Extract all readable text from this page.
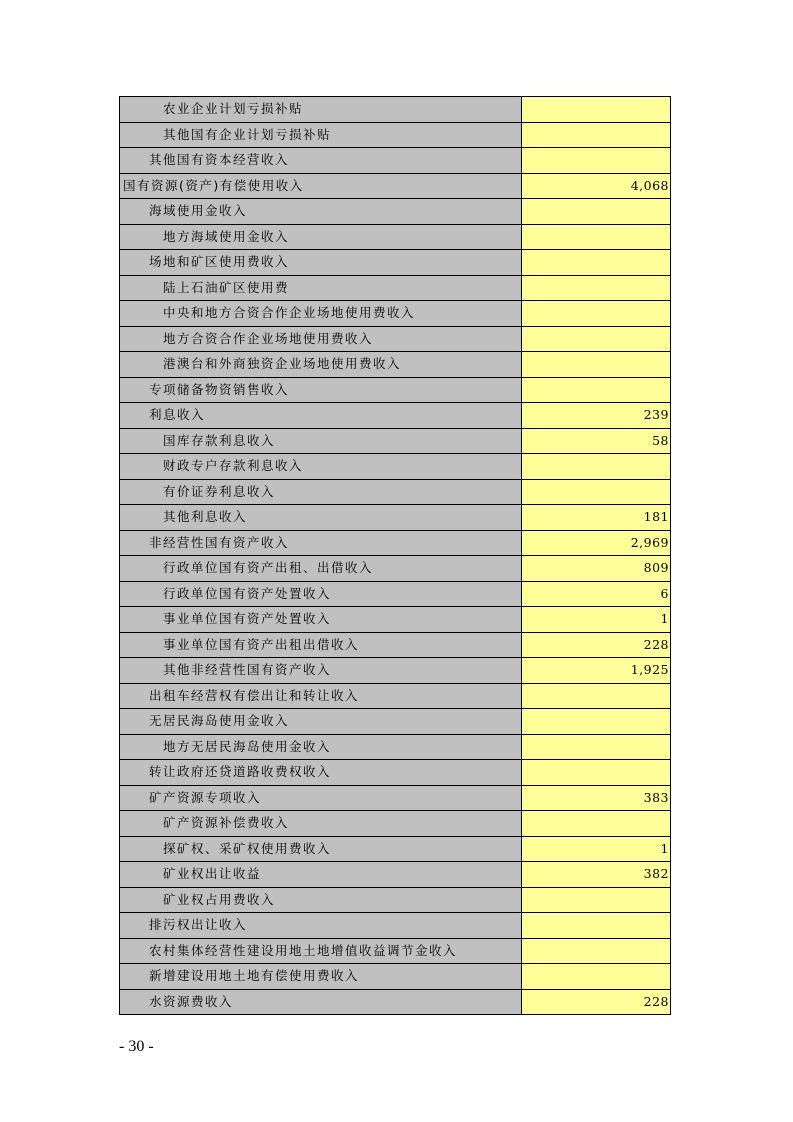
农业企业计划亏损补贴	
其他国有企业计划亏损补贴	
其他国有资本经营收入	
国有资源(资产)有偿使用收入	4,068
海域使用金收入	
地方海域使用金收入	
场地和矿区使用费收入	
陆上石油矿区使用费	
中央和地方合资合作企业场地使用费收入	
地方合资合作企业场地使用费收入	
港澳台和外商独资企业场地使用费收入	
专项储备物资销售收入	
利息收入	239
国库存款利息收入	58
财政专户存款利息收入	
有价证券利息收入	
其他利息收入	181
非经营性国有资产收入	2,969
行政单位国有资产出租、出借收入	809
行政单位国有资产处置收入	6
事业单位国有资产处置收入	1
事业单位国有资产出租出借收入	228
其他非经营性国有资产收入	1,925
出租车经营权有偿出让和转让收入	
无居民海岛使用金收入	
地方无居民海岛使用金收入	
转让政府还贷道路收费权收入	
矿产资源专项收入	383
矿产资源补偿费收入	
探矿权、采矿权使用费收入	1
矿业权出让收益	382
矿业权占用费收入	
排污权出让收入	
农村集体经营性建设用地土地增值收益调节金收入	
新增建设用地土地有偿使用费收入	
水资源费收入	228
- 30 -
